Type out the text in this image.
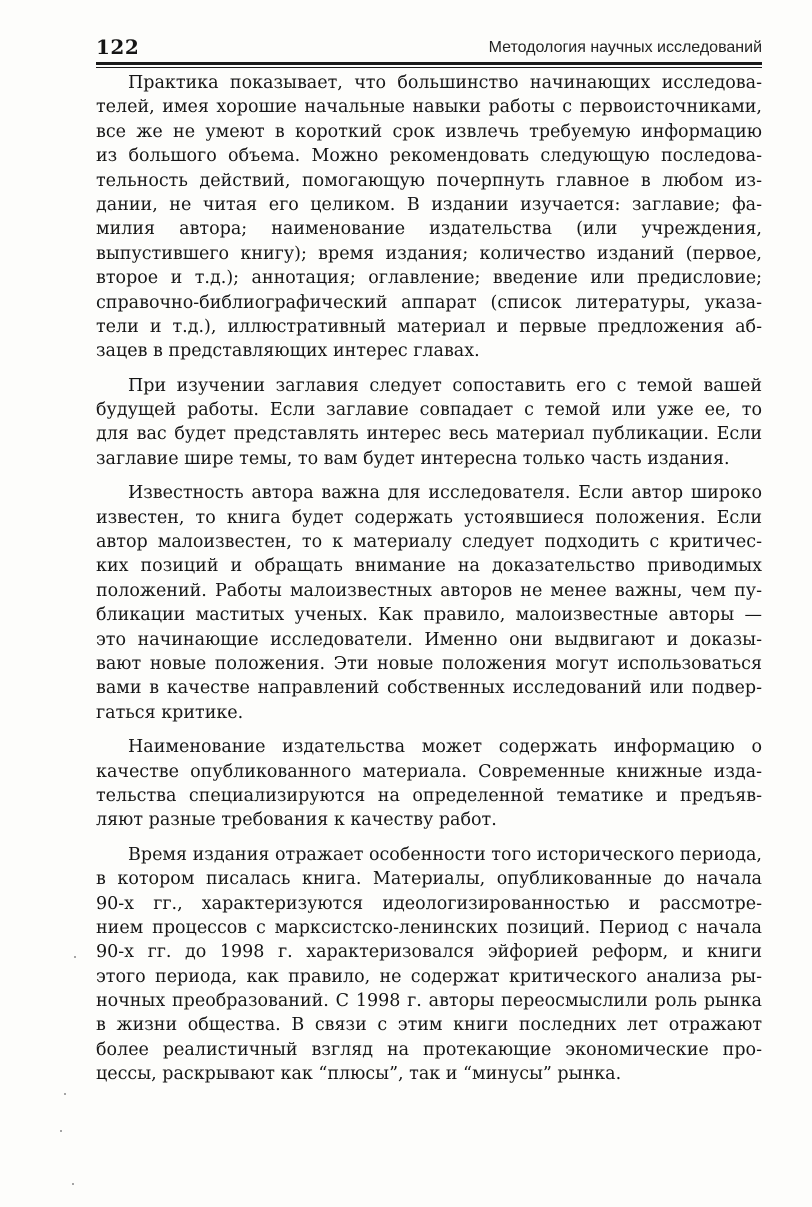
122	Методология научных исследований
Практика показывает, что большинство начинающих исследова-
телей, имея хорошие начальные навыки работы с первоисточниками,
все же не умеют в короткий срок извлечь требуемую информацию
из большого объема. Можно рекомендовать следующую последова-
тельность действий, помогающую почерпнуть главное в любом из-
дании, не читая его целиком. В издании изучается: заглавие; фа-
милия автора; наименование издательства (или учреждения,
выпустившего книгу); время издания; количество изданий (первое,
второе и т.д.); аннотация; оглавление; введение или предисловие;
справочно-библиографический аппарат (список литературы, указа-
тели и т.д.), иллюстративный материал и первые предложения аб-
зацев в представляющих интерес главах.
При изучении заглавия следует сопоставить его с темой вашей
будущей работы. Если заглавие совпадает с темой или уже ее, то
для вас будет представлять интерес весь материал публикации. Если
заглавие шире темы, то вам будет интересна только часть издания.
Известность автора важна для исследователя. Если автор широко
известен, то книга будет содержать устоявшиеся положения. Если
автор малоизвестен, то к материалу следует подходить с критичес-
ких позиций и обращать внимание на доказательство приводимых
положений. Работы малоизвестных авторов не менее важны, чем пу-
бликации маститых ученых. Как правило, малоизвестные авторы —
это начинающие исследователи. Именно они выдвигают и доказы-
вают новые положения. Эти новые положения могут использоваться
вами в качестве направлений собственных исследований или подвер-
гаться критике.
Наименование издательства может содержать информацию о
качестве опубликованного материала. Современные книжные изда-
тельства специализируются на определенной тематике и предъяв-
ляют разные требования к качеству работ.
Время издания отражает особенности того исторического периода,
в котором писалась книга. Материалы, опубликованные до начала
90-х гг., характеризуются идеологизированностью и рассмотре-
нием процессов с марксистско-ленинских позиций. Период с начала
90-х гг. до 1998 г. характеризовался эйфорией реформ, и книги
этого периода, как правило, не содержат критического анализа ры-
ночных преобразований. С 1998 г. авторы переосмыслили роль рынка
в жизни общества. В связи с этим книги последних лет отражают
более реалистичный взгляд на протекающие экономические про-
цессы, раскрывают как “плюсы”, так и “минусы” рынка.
